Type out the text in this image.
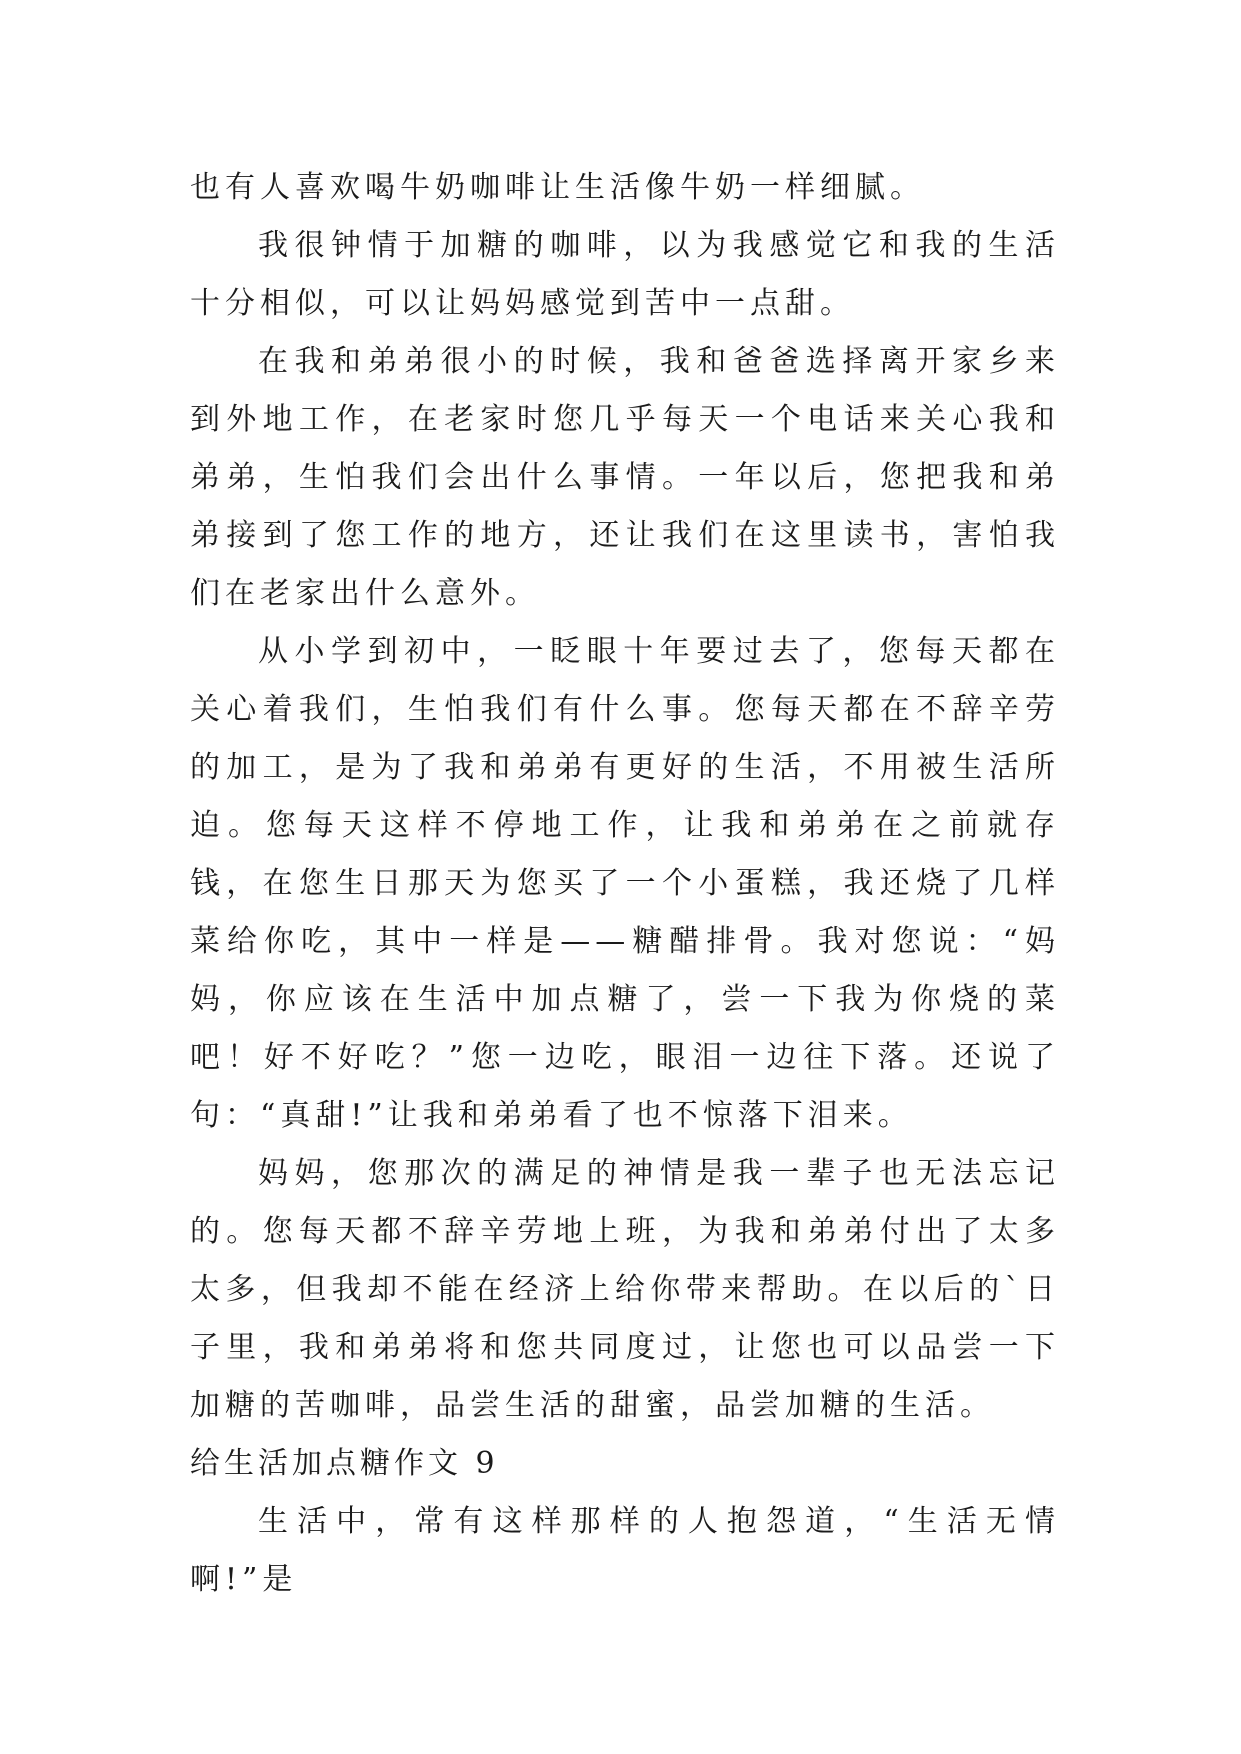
也有人喜欢喝牛奶咖啡让生活像牛奶一样细腻。

我很钟情于加糖的咖啡，以为我感觉它和我的生活十分相似，可以让妈妈感觉到苦中一点甜。

在我和弟弟很小的时候，我和爸爸选择离开家乡来到外地工作，在老家时您几乎每天一个电话来关心我和弟弟，生怕我们会出什么事情。一年以后，您把我和弟弟接到了您工作的地方，还让我们在这里读书，害怕我们在老家出什么意外。

从小学到初中，一眨眼十年要过去了，您每天都在关心着我们，生怕我们有什么事。您每天都在不辞辛劳的加工，是为了我和弟弟有更好的生活，不用被生活所迫。您每天这样不停地工作，让我和弟弟在之前就存钱，在您生日那天为您买了一个小蛋糕，我还烧了几样菜给你吃，其中一样是——糖醋排骨。我对您说：“妈妈，你应该在生活中加点糖了，尝一下我为你烧的菜吧！好不好吃？”您一边吃，眼泪一边往下落。还说了句：“真甜!”让我和弟弟看了也不惊落下泪来。

妈妈，您那次的满足的神情是我一辈子也无法忘记的。您每天都不辞辛劳地上班，为我和弟弟付出了太多太多，但我却不能在经济上给你带来帮助。在以后的`日子里，我和弟弟将和您共同度过，让您也可以品尝一下加糖的苦咖啡，品尝生活的甜蜜，品尝加糖的生活。

给生活加点糖作文 9

生活中，常有这样那样的人抱怨道，“生活无情啊!”是
